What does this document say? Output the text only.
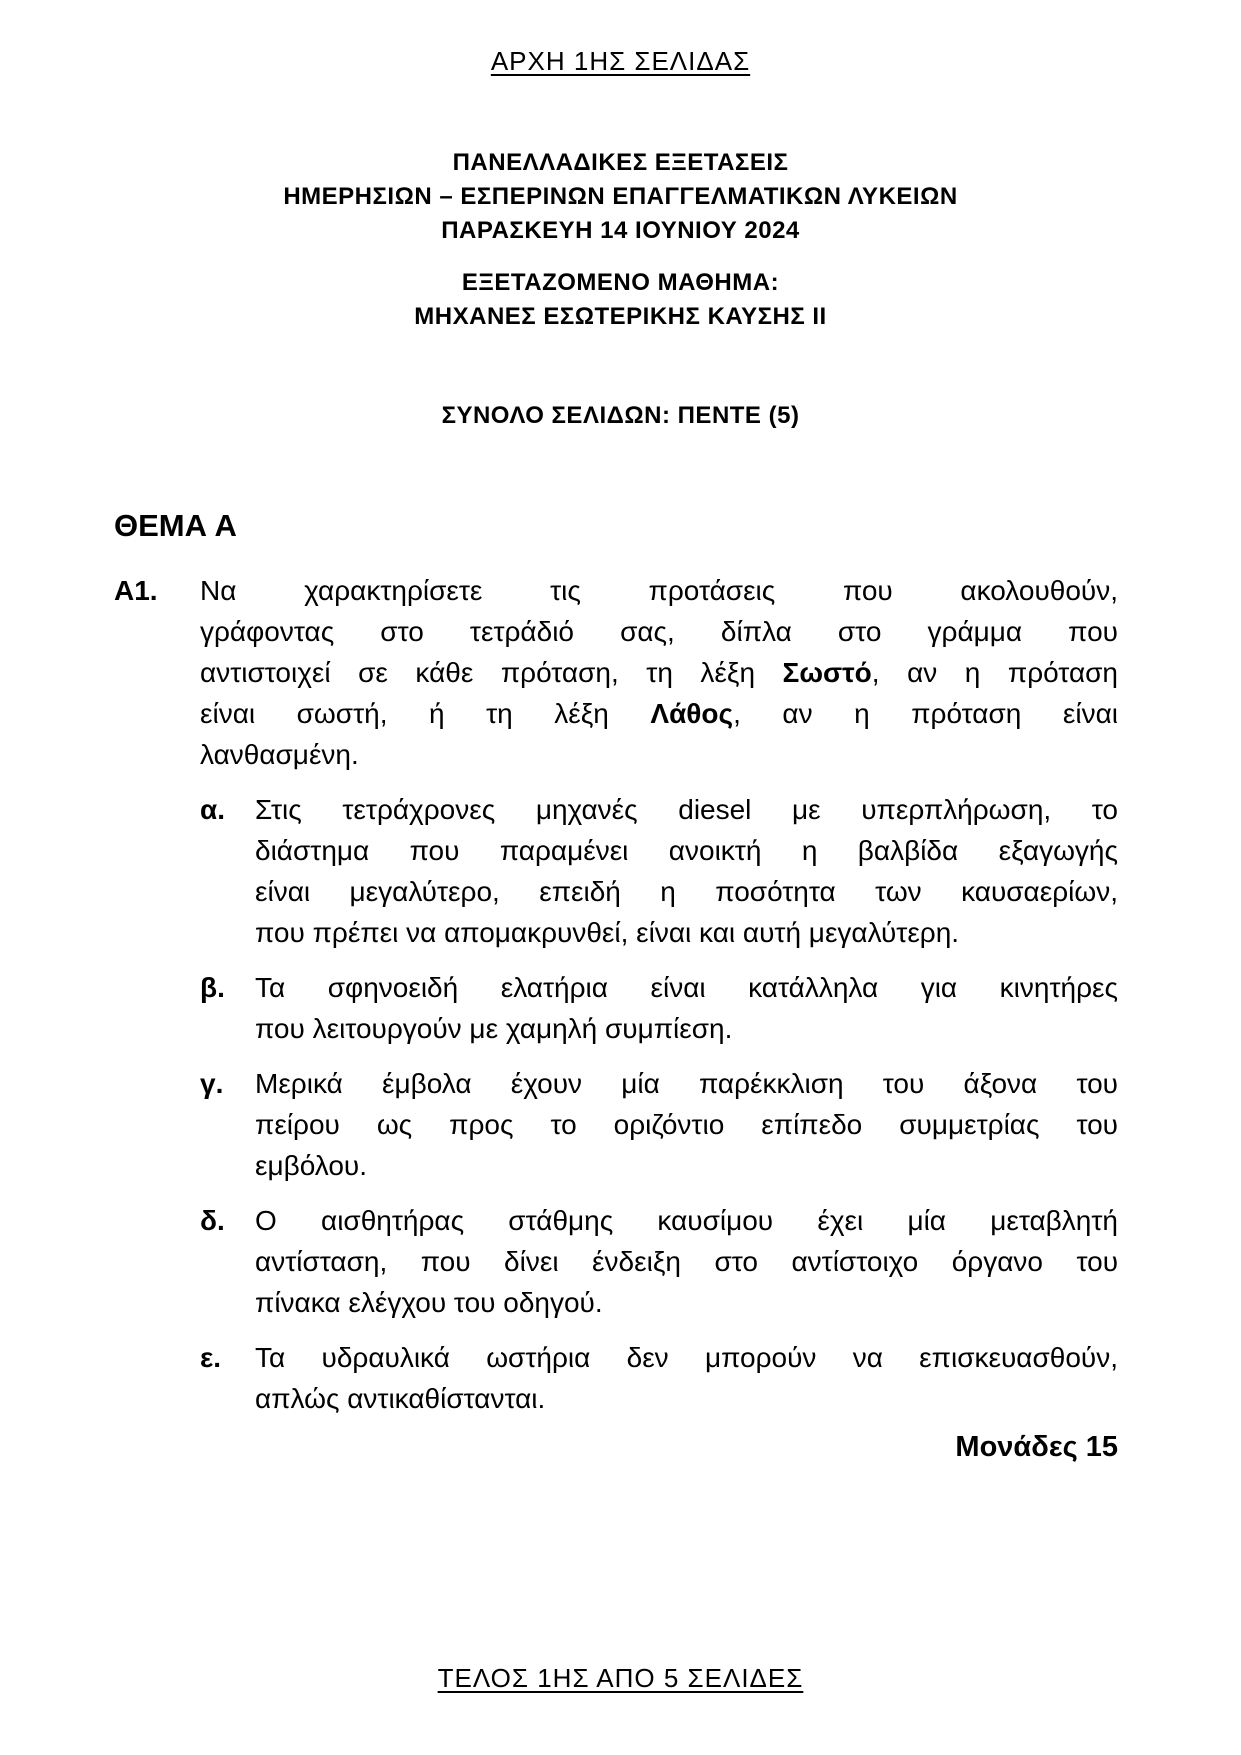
ΑΡΧΗ 1ΗΣ ΣΕΛΙΔΑΣ
ΠΑΝΕΛΛΑΔΙΚΕΣ ΕΞΕΤΑΣΕΙΣ
ΗΜΕΡΗΣΙΩΝ – ΕΣΠΕΡΙΝΩΝ ΕΠΑΓΓΕΛΜΑΤΙΚΩΝ ΛΥΚΕΙΩΝ
ΠΑΡΑΣΚΕΥΗ 14 ΙΟΥΝΙΟΥ 2024
ΕΞΕΤΑΖΟΜΕΝΟ ΜΑΘΗΜΑ:
ΜΗΧΑΝΕΣ ΕΣΩΤΕΡΙΚΗΣ ΚΑΥΣΗΣ ΙΙ
ΣΥΝΟΛΟ ΣΕΛΙΔΩΝ: ΠΕΝΤΕ (5)
ΘΕΜΑ Α
Α1. Να χαρακτηρίσετε τις προτάσεις που ακολουθούν,
γράφοντας στο τετράδιό σας, δίπλα στο γράμμα που
αντιστοιχεί σε κάθε πρόταση, τη λέξη Σωστό, αν η πρόταση
είναι σωστή, ή τη λέξη Λάθος, αν η πρόταση είναι
λανθασμένη.
α. Στις τετράχρονες μηχανές diesel με υπερπλήρωση, το
διάστημα που παραμένει ανοικτή η βαλβίδα εξαγωγής
είναι μεγαλύτερο, επειδή η ποσότητα των καυσαερίων,
που πρέπει να απομακρυνθεί, είναι και αυτή μεγαλύτερη.
β. Τα σφηνοειδή ελατήρια είναι κατάλληλα για κινητήρες
που λειτουργούν με χαμηλή συμπίεση.
γ. Μερικά έμβολα έχουν μία παρέκκλιση του άξονα του
πείρου ως προς το οριζόντιο επίπεδο συμμετρίας του
εμβόλου.
δ. Ο αισθητήρας στάθμης καυσίμου έχει μία μεταβλητή
αντίσταση, που δίνει ένδειξη στο αντίστοιχο όργανο του
πίνακα ελέγχου του οδηγού.
ε. Τα υδραυλικά ωστήρια δεν μπορούν να επισκευασθούν,
απλώς αντικαθίστανται.
Μονάδες 15
ΤΕΛΟΣ 1ΗΣ ΑΠΟ 5 ΣΕΛΙΔΕΣ
